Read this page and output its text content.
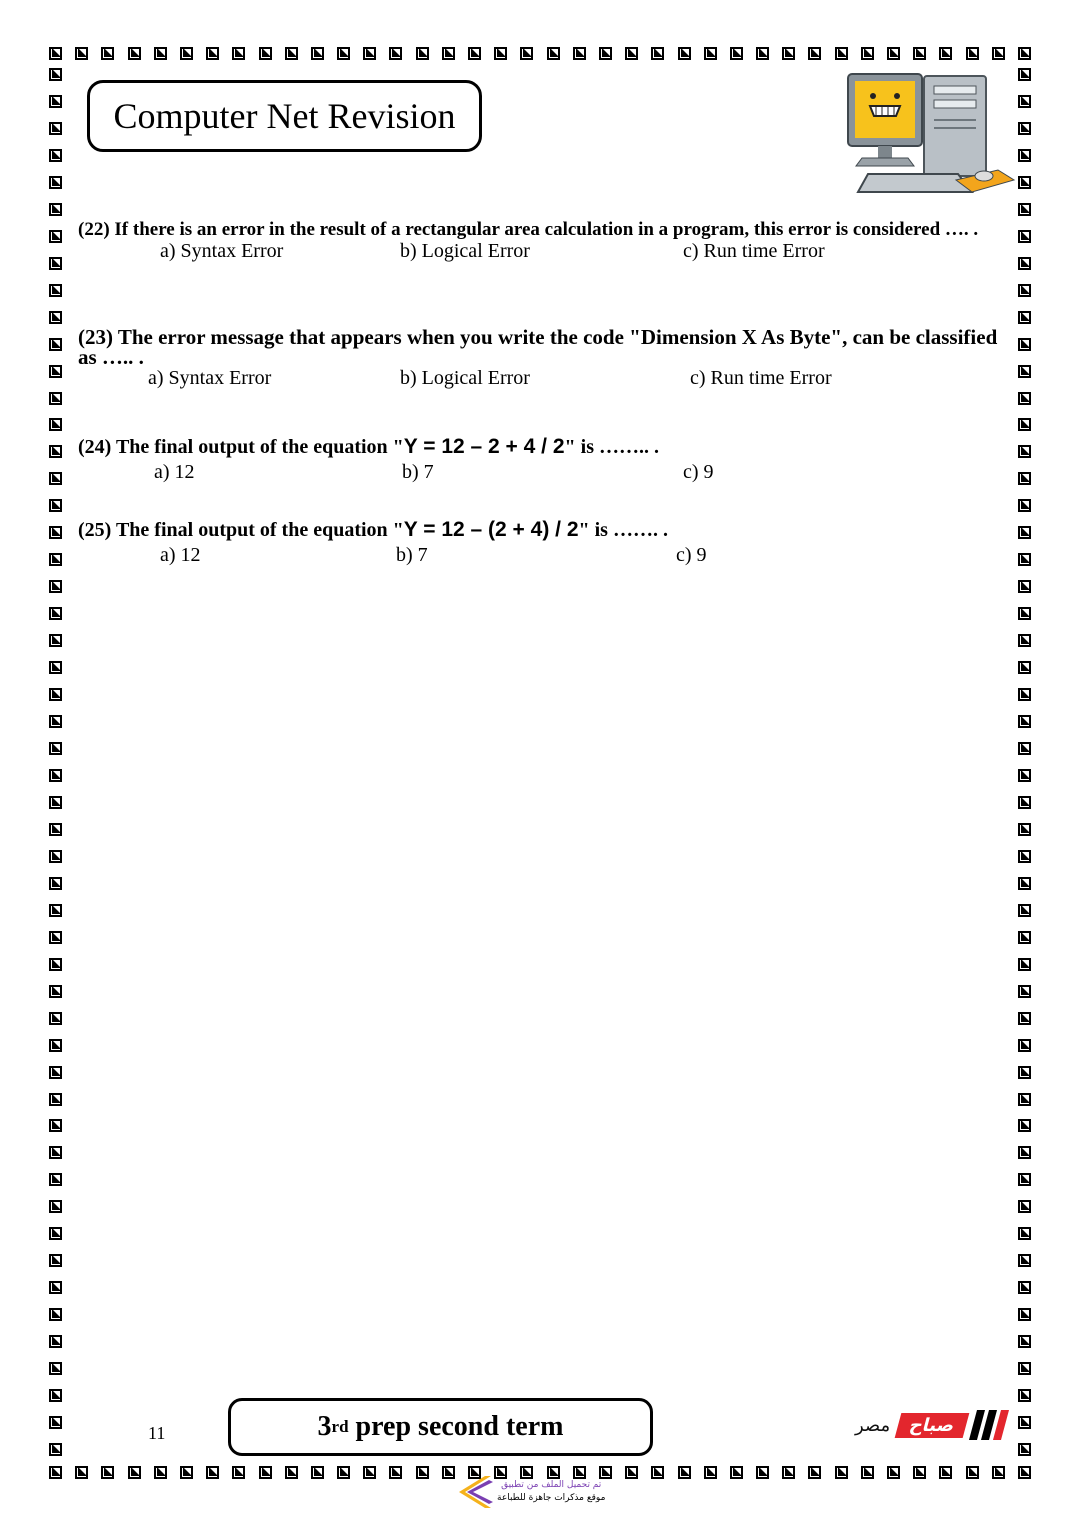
Computer Net Revision
(22) If there is an error in the result of a rectangular area calculation in a program, this error is considered …. .
a) Syntax Error	b) Logical Error	c) Run time Error
(23) The error message that appears when you write the code "Dimension X As Byte", can be classified as ….. .
a) Syntax Error	b) Logical Error	c) Run time Error
(24) The final output of the equation "Y = 12 – 2 + 4 / 2" is …….. .
a) 12	b) 7	c) 9
(25) The final output of the equation "Y = 12 – (2 + 4) / 2" is ……. .
a) 12	b) 7	c) 9
11	3 rd
prep second term	مصر صباح
تم تحميل الملف من تطبيق
موقع مذكرات جاهزة للطباعة
